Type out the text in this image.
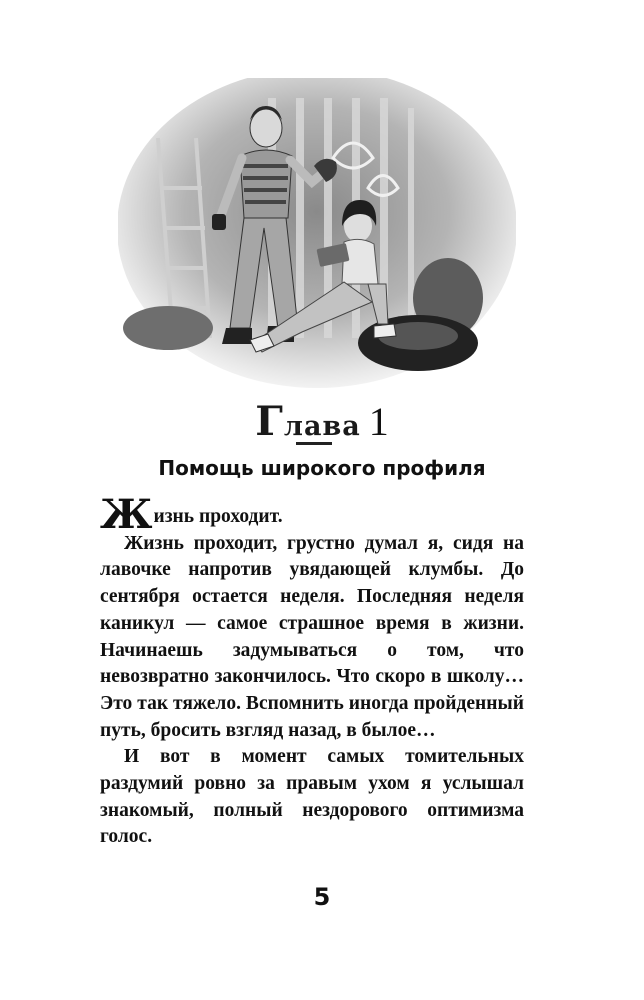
Глава 1
Помощь широкого профиля

Жизнь проходит.

Жизнь проходит, грустно думал я, сидя на лавочке напротив увядающей клумбы. До сентября остается неделя. Последняя неделя каникул — самое страшное время в жизни. Начинаешь задумываться о том, что невозвратно закончилось. Что скоро в школу… Это так тяжело. Вспомнить иногда пройденный путь, бросить взгляд назад, в былое…

И вот в момент самых томительных раздумий ровно за правым ухом я услышал знакомый, полный нездорового оптимизма голос.

5
